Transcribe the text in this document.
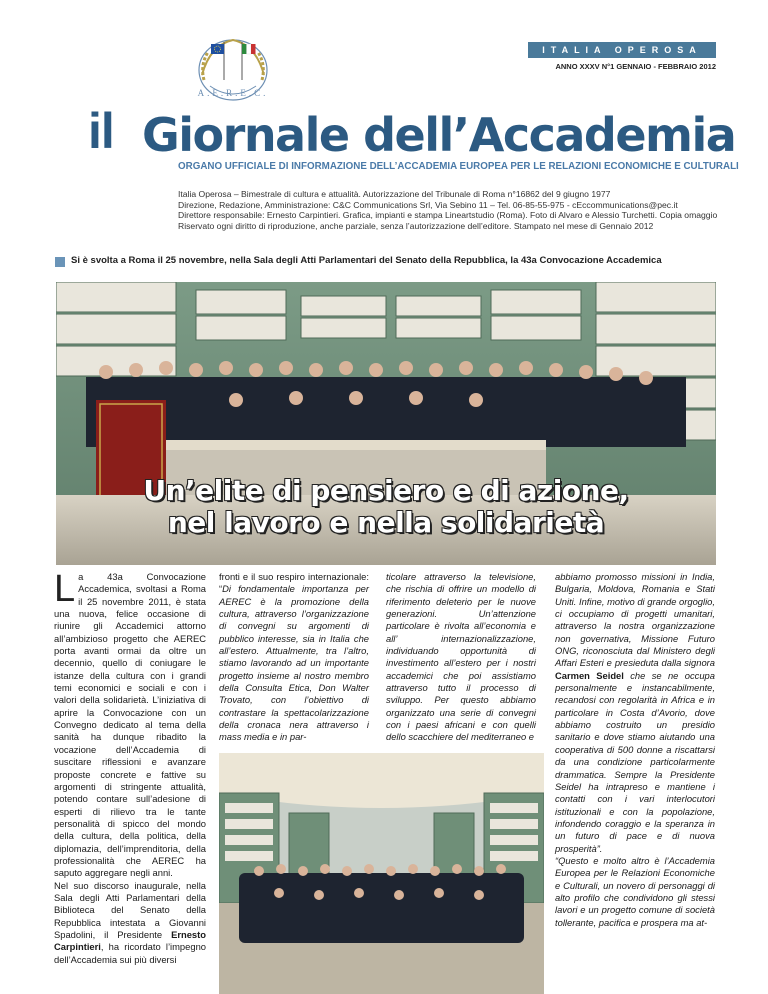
A.E.R.E.C.
ITALIA OPEROSA
ANNO XXXV N°1 GENNAIO - FEBBRAIO 2012
il Giornale dell’Accademia
ORGANO UFFICIALE DI INFORMAZIONE DELL’ACCADEMIA EUROPEA PER LE RELAZIONI ECONOMICHE E CULTURALI
Italia Operosa – Bimestrale di cultura e attualità. Autorizzazione del Tribunale di Roma n°16862 del 9 giugno 1977
Direzione, Redazione, Amministrazione: C&C Communications Srl, Via Sebino 11 – Tel. 06-85-55-975 - cEccommunications@pec.it
Direttore responsabile: Ernesto Carpintieri. Grafica, impianti e stampa Lineartstudio (Roma). Foto di Alvaro e Alessio Turchetti. Copia omaggio
Riservato ogni diritto di riproduzione, anche parziale, senza l’autorizzazione dell’editore. Stampato nel mese di Gennaio 2012
Si è svolta a Roma il 25 novembre, nella Sala degli Atti Parlamentari del Senato della Repubblica, la 43a Convocazione Accademica
Un’elite di pensiero e di azione,
nel lavoro e nella solidarietà

La 43a Convocazione Accademica, svoltasi a Roma il 25 novembre 2011, è stata una nuova, felice occasione di riunire gli Accademici attorno all’ambizioso progetto che AEREC porta avanti ormai da oltre un decennio, quello di coniugare le istanze della cultura con i grandi temi economici e sociali e con i valori della solidarietà. L’iniziativa di aprire la Convocazione con un Convegno dedicato al tema della sanità ha dunque ribadito la vocazione dell’Accademia di suscitare riflessioni e avanzare proposte concrete e fattive su argomenti di stringente attualità, potendo contare sull’adesione di esperti di rilievo tra le tante personalità di spicco del mondo della cultura, della politica, della diplomazia, dell’imprenditoria, della professionalità che AEREC ha saputo aggregare negli anni.

Nel suo discorso inaugurale, nella Sala degli Atti Parlamentari della Biblioteca del Senato della Repubblica intestata a Giovanni Spadolini, il Presidente Ernesto Carpintieri, ha ricordato l’impegno dell’Accademia sui più diversi

fronti e il suo respiro internazionale: “Di fondamentale importanza per AEREC è la promozione della cultura, attraverso l’organizzazione di convegni su argomenti di pubblico interesse, sia in Italia che all’estero. Attualmente, tra l’altro, stiamo lavorando ad un importante progetto insieme al nostro membro della Consulta Etica, Don Walter Trovato, con l’obiettivo di contrastare la spettacolarizzazione della cronaca nera attraverso i mass media e in par-

ticolare attraverso la televisione, che rischia di offrire un modello di riferimento deleterio per le nuove generazioni. Un’attenzione particolare è rivolta all’economia e all’ internazionalizzazione, individuando opportunità di investimento all’estero per i nostri accademici che poi assistiamo attraverso tutto il processo di sviluppo. Per questo abbiamo organizzato una serie di convegni con i paesi africani e con quelli dello scacchiere del mediterraneo e

abbiamo promosso missioni in India, Bulgaria, Moldova, Romania e Stati Uniti. Infine, motivo di grande orgoglio, ci occupiamo di progetti umanitari, attraverso la nostra organizzazione non governativa, Missione Futuro ONG, riconosciuta dal Ministero degli Affari Esteri e presieduta dalla signora Carmen Seidel che se ne occupa personalmente e instancabilmente, recandosi con regolarità in Africa e in particolare in Costa d’Avorio, dove abbiamo costruito un presidio sanitario e dove stiamo aiutando una cooperativa di 500 donne a riscattarsi da una condizione particolarmente drammatica. Sempre la Presidente Seidel ha intrapreso e mantiene i contatti con i vari interlocutori istituzionali e con la popolazione, infondendo coraggio e la speranza in un futuro di pace e di nuova prosperità”.

“Questo e molto altro è l’Accademia Europea per le Relazioni Economiche e Culturali, un novero di personaggi di alto profilo che condividono gli stessi lavori e un progetto comune di società tollerante, pacifica e prospera ma at-
